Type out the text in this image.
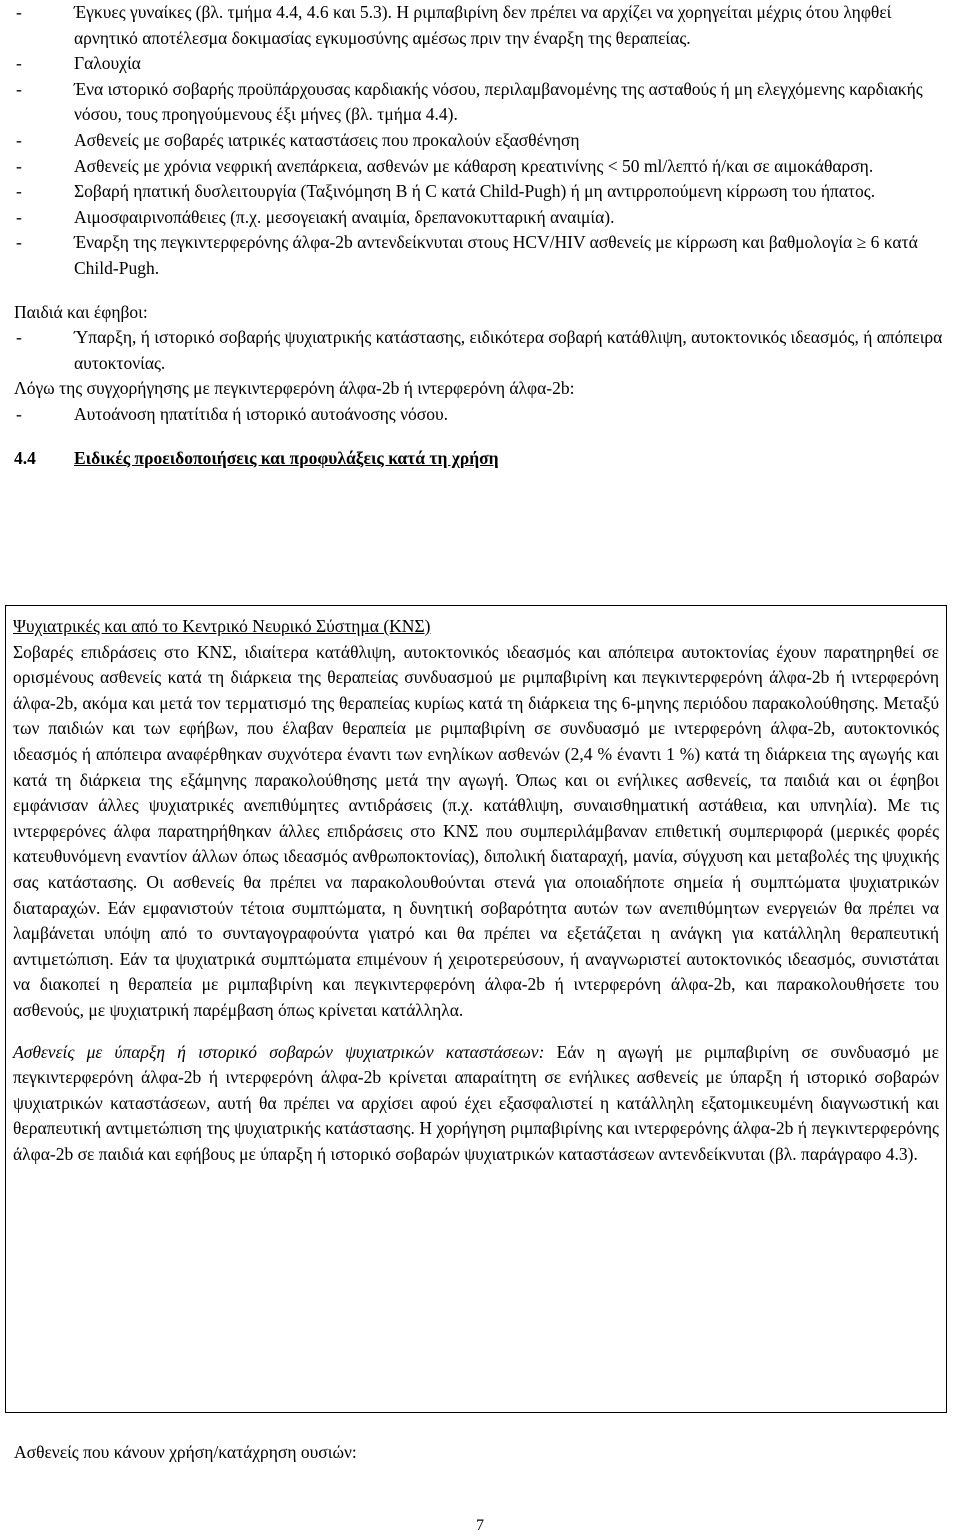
-	Έγκυες γυναίκες (βλ. τμήμα 4.4, 4.6 και 5.3). Η ριμπαβιρίνη δεν πρέπει να αρχίζει να χορηγείται μέχρις ότου ληφθεί αρνητικό αποτέλεσμα δοκιμασίας εγκυμοσύνης αμέσως πριν την έναρξη της θεραπείας.
-	Γαλουχία
-	Ένα ιστορικό σοβαρής προϋπάρχουσας καρδιακής νόσου, περιλαμβανομένης της ασταθούς ή μη ελεγχόμενης καρδιακής νόσου, τους προηγούμενους έξι μήνες (βλ. τμήμα 4.4).
-	Ασθενείς με σοβαρές ιατρικές καταστάσεις που προκαλούν εξασθένηση
-	Ασθενείς με χρόνια νεφρική ανεπάρκεια, ασθενών με κάθαρση κρεατινίνης < 50 ml/λεπτό ή/και σε αιμοκάθαρση.
-	Σοβαρή ηπατική δυσλειτουργία (Ταξινόμηση Β ή C κατά Child-Pugh) ή μη αντιρροπούμενη κίρρωση του ήπατος.
-	Αιμοσφαιρινοπάθειες (π.χ. μεσογειακή αναιμία, δρεπανοκυτταρική αναιμία).
-	Έναρξη της πεγκιντερφερόνης άλφα-2b αντενδείκνυται στους HCV/HIV ασθενείς με κίρρωση και βαθμολογία ≥ 6 κατά Child-Pugh.

Παιδιά και έφηβοι:

-	Ύπαρξη, ή ιστορικό σοβαρής ψυχιατρικής κατάστασης, ειδικότερα σοβαρή κατάθλιψη, αυτοκτονικός ιδεασμός, ή απόπειρα αυτοκτονίας.

Λόγω της συγχορήγησης με πεγκιντερφερόνη άλφα-2b ή ιντερφερόνη άλφα-2b:

-	Αυτοάνοση ηπατίτιδα ή ιστορικό αυτοάνοσης νόσου.
4.4	Ειδικές προειδοποιήσεις και προφυλάξεις κατά τη χρήση

Ψυχιατρικές και από το Κεντρικό Νευρικό Σύστημα (ΚΝΣ)

Σοβαρές επιδράσεις στο ΚΝΣ, ιδιαίτερα κατάθλιψη, αυτοκτονικός ιδεασμός και απόπειρα αυτοκτονίας έχουν παρατηρηθεί σε ορισμένους ασθενείς κατά τη διάρκεια της θεραπείας συνδυασμού με ριμπαβιρίνη και πεγκιντερφερόνη άλφα-2b ή ιντερφερόνη άλφα-2b, ακόμα και μετά τον τερματισμό της θεραπείας κυρίως κατά τη διάρκεια της 6-μηνης περιόδου παρακολούθησης. Μεταξύ των παιδιών και των εφήβων, που έλαβαν θεραπεία με ριμπαβιρίνη σε συνδυασμό με ιντερφερόνη άλφα-2b, αυτοκτονικός ιδεασμός ή απόπειρα αναφέρθηκαν συχνότερα έναντι των ενηλίκων ασθενών (2,4 % έναντι 1 %) κατά τη διάρκεια της αγωγής και κατά τη διάρκεια της εξάμηνης παρακολούθησης μετά την αγωγή. Όπως και οι ενήλικες ασθενείς, τα παιδιά και οι έφηβοι εμφάνισαν άλλες ψυχιατρικές ανεπιθύμητες αντιδράσεις (π.χ. κατάθλιψη, συναισθηματική αστάθεια, και υπνηλία). Με τις ιντερφερόνες άλφα παρατηρήθηκαν άλλες επιδράσεις στο ΚΝΣ που συμπεριλάμβαναν επιθετική συμπεριφορά (μερικές φορές κατευθυνόμενη εναντίον άλλων όπως ιδεασμός ανθρωποκτονίας), διπολική διαταραχή, μανία, σύγχυση και μεταβολές της ψυχικής σας κατάστασης. Οι ασθενείς θα πρέπει να παρακολουθούνται στενά για οποιαδήποτε σημεία ή συμπτώματα ψυχιατρικών διαταραχών. Εάν εμφανιστούν τέτοια συμπτώματα, η δυνητική σοβαρότητα αυτών των ανεπιθύμητων ενεργειών θα πρέπει να λαμβάνεται υπόψη από το συνταγογραφούντα γιατρό και θα πρέπει να εξετάζεται η ανάγκη για κατάλληλη θεραπευτική αντιμετώπιση. Εάν τα ψυχιατρικά συμπτώματα επιμένουν ή χειροτερεύσουν, ή αναγνωριστεί αυτοκτονικός ιδεασμός, συνιστάται να διακοπεί η θεραπεία με ριμπαβιρίνη και πεγκιντερφερόνη άλφα-2b ή ιντερφερόνη άλφα-2b, και παρακολουθήσετε του ασθενούς, με ψυχιατρική παρέμβαση όπως κρίνεται κατάλληλα.

Ασθενείς με ύπαρξη ή ιστορικό σοβαρών ψυχιατρικών καταστάσεων: Εάν η αγωγή με ριμπαβιρίνη σε συνδυασμό με πεγκιντερφερόνη άλφα-2b ή ιντερφερόνη άλφα-2b κρίνεται απαραίτητη σε ενήλικες ασθενείς με ύπαρξη ή ιστορικό σοβαρών ψυχιατρικών καταστάσεων, αυτή θα πρέπει να αρχίσει αφού έχει εξασφαλιστεί η κατάλληλη εξατομικευμένη διαγνωστική και θεραπευτική αντιμετώπιση της ψυχιατρικής κατάστασης. Η χορήγηση ριμπαβιρίνης και ιντερφερόνης άλφα-2b ή πεγκιντερφερόνης άλφα-2b σε παιδιά και εφήβους με ύπαρξη ή ιστορικό σοβαρών ψυχιατρικών καταστάσεων αντενδείκνυται (βλ. παράγραφο 4.3).

Ασθενείς που κάνουν χρήση/κατάχρηση ουσιών:

7
